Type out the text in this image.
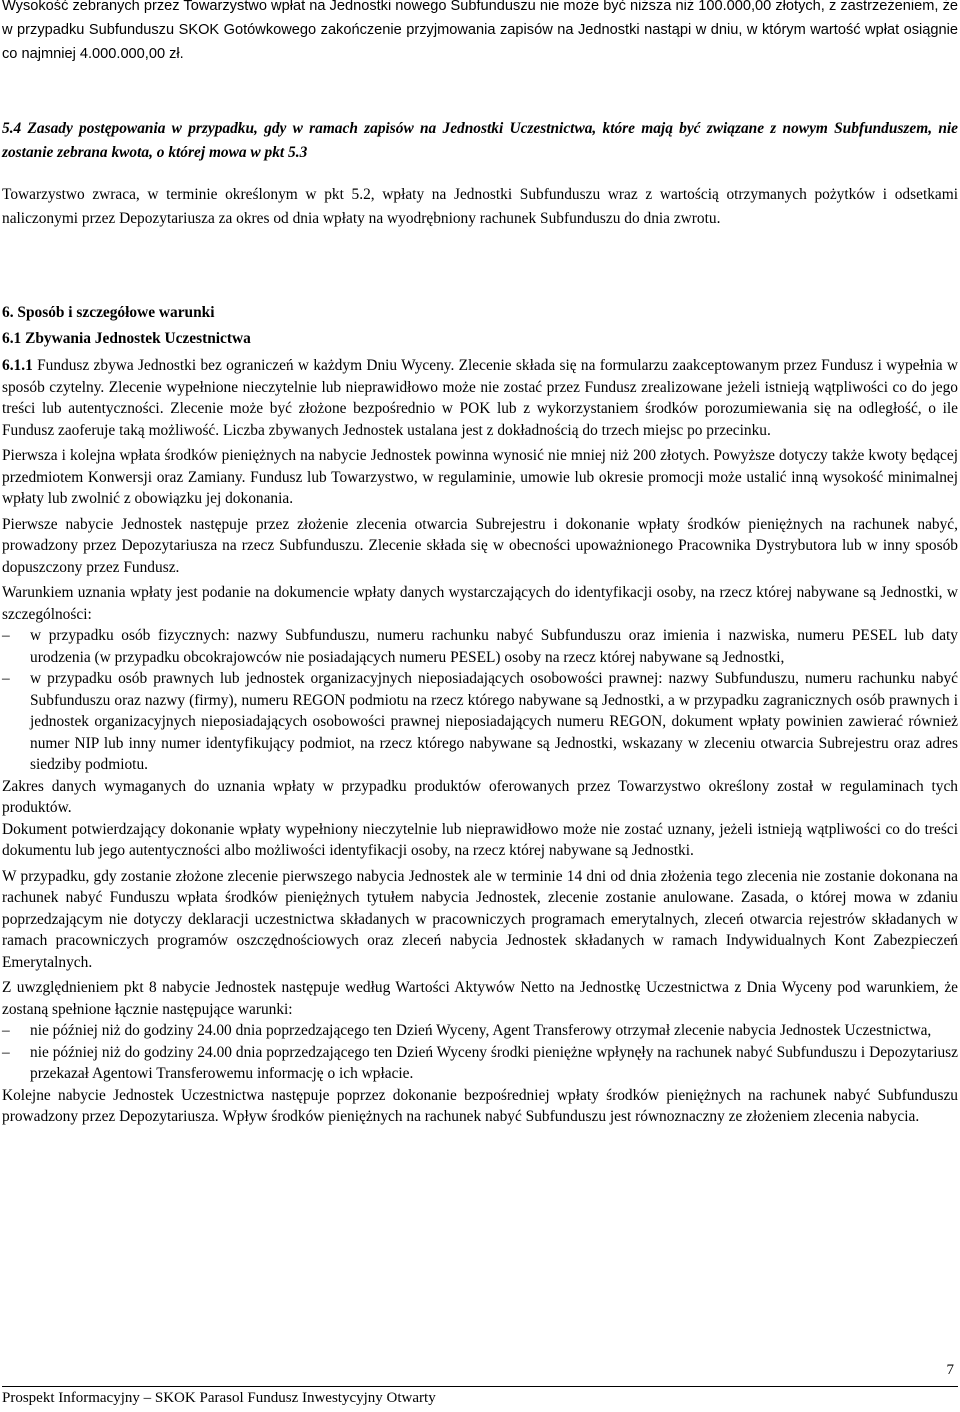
Wysokość zebranych przez Towarzystwo wpłat na Jednostki nowego Subfunduszu nie może być niższa niż 100.000,00 złotych, z zastrzeżeniem, że w przypadku Subfunduszu SKOK Gotówkowego zakończenie przyjmowania zapisów na Jednostki nastąpi w dniu, w którym wartość wpłat osiągnie co najmniej 4.000.000,00 zł.

5.4 Zasady postępowania w przypadku, gdy w ramach zapisów na Jednostki Uczestnictwa, które mają być związane z nowym Subfunduszem, nie zostanie zebrana kwota, o której mowa w pkt 5.3

Towarzystwo zwraca, w terminie określonym w pkt 5.2, wpłaty na Jednostki Subfunduszu wraz z wartością otrzymanych pożytków i odsetkami naliczonymi przez Depozytariusza za okres od dnia wpłaty na wyodrębniony rachunek Subfunduszu do dnia zwrotu.

6. Sposób i szczegółowe warunki
6.1 Zbywania Jednostek Uczestnictwa

6.1.1 Fundusz zbywa Jednostki bez ograniczeń w każdym Dniu Wyceny. Zlecenie składa się na formularzu zaakceptowanym przez Fundusz i wypełnia w sposób czytelny. Zlecenie wypełnione nieczytelnie lub nieprawidłowo może nie zostać przez Fundusz zrealizowane jeżeli istnieją wątpliwości co do jego treści lub autentyczności. Zlecenie może być złożone bezpośrednio w POK lub z wykorzystaniem środków porozumiewania się na odległość, o ile Fundusz zaoferuje taką możliwość. Liczba zbywanych Jednostek ustalana jest z dokładnością do trzech miejsc po przecinku.

Pierwsza i kolejna wpłata środków pieniężnych na nabycie Jednostek powinna wynosić nie mniej niż 200 złotych. Powyższe dotyczy także kwoty będącej przedmiotem Konwersji oraz Zamiany. Fundusz lub Towarzystwo, w regulaminie, umowie lub okresie promocji może ustalić inną wysokość minimalnej wpłaty lub zwolnić z obowiązku jej dokonania.

Pierwsze nabycie Jednostek następuje przez złożenie zlecenia otwarcia Subrejestru i dokonanie wpłaty środków pieniężnych na rachunek nabyć, prowadzony przez Depozytariusza na rzecz Subfunduszu. Zlecenie składa się w obecności upoważnionego Pracownika Dystrybutora lub w inny sposób dopuszczony przez Fundusz.

Warunkiem uznania wpłaty jest podanie na dokumencie wpłaty danych wystarczających do identyfikacji osoby, na rzecz której nabywane są Jednostki, w szczególności:

– w przypadku osób fizycznych: nazwy Subfunduszu, numeru rachunku nabyć Subfunduszu oraz imienia i nazwiska, numeru PESEL lub daty urodzenia (w przypadku obcokrajowców nie posiadających numeru PESEL) osoby na rzecz której nabywane są Jednostki,
– w przypadku osób prawnych lub jednostek organizacyjnych nieposiadających osobowości prawnej: nazwy Subfunduszu, numeru rachunku nabyć Subfunduszu oraz nazwy (firmy), numeru REGON podmiotu na rzecz którego nabywane są Jednostki, a w przypadku zagranicznych osób prawnych i jednostek organizacyjnych nieposiadających osobowości prawnej nieposiadających numeru REGON, dokument wpłaty powinien zawierać również numer NIP lub inny numer identyfikujący podmiot, na rzecz którego nabywane są Jednostki, wskazany w zleceniu otwarcia Subrejestru oraz adres siedziby podmiotu.

Zakres danych wymaganych do uznania wpłaty w przypadku produktów oferowanych przez Towarzystwo określony został w regulaminach tych produktów.

Dokument potwierdzający dokonanie wpłaty wypełniony nieczytelnie lub nieprawidłowo może nie zostać uznany, jeżeli istnieją wątpliwości co do treści dokumentu lub jego autentyczności albo możliwości identyfikacji osoby, na rzecz której nabywane są Jednostki.

W przypadku, gdy zostanie złożone zlecenie pierwszego nabycia Jednostek ale w terminie 14 dni od dnia złożenia tego zlecenia nie zostanie dokonana na rachunek nabyć Funduszu wpłata środków pieniężnych tytułem nabycia Jednostek, zlecenie zostanie anulowane. Zasada, o której mowa w zdaniu poprzedzającym nie dotyczy deklaracji uczestnictwa składanych w pracowniczych programach emerytalnych, zleceń otwarcia rejestrów składanych w ramach pracowniczych programów oszczędnościowych oraz zleceń nabycia Jednostek składanych w ramach Indywidualnych Kont Zabezpieczeń Emerytalnych.

Z uwzględnieniem pkt 8 nabycie Jednostek następuje według Wartości Aktywów Netto na Jednostkę Uczestnictwa z Dnia Wyceny pod warunkiem, że zostaną spełnione łącznie następujące warunki:

– nie później niż do godziny 24.00 dnia poprzedzającego ten Dzień Wyceny, Agent Transferowy otrzymał zlecenie nabycia Jednostek Uczestnictwa,
– nie później niż do godziny 24.00 dnia poprzedzającego ten Dzień Wyceny środki pieniężne wpłynęły na rachunek nabyć Subfunduszu i Depozytariusz przekazał Agentowi Transferowemu informację o ich wpłacie.

Kolejne nabycie Jednostek Uczestnictwa następuje poprzez dokonanie bezpośredniej wpłaty środków pieniężnych na rachunek nabyć Subfunduszu prowadzony przez Depozytariusza. Wpływ środków pieniężnych na rachunek nabyć Subfunduszu jest równoznaczny ze złożeniem zlecenia nabycia.

7
Prospekt Informacyjny – SKOK Parasol Fundusz Inwestycyjny Otwarty
